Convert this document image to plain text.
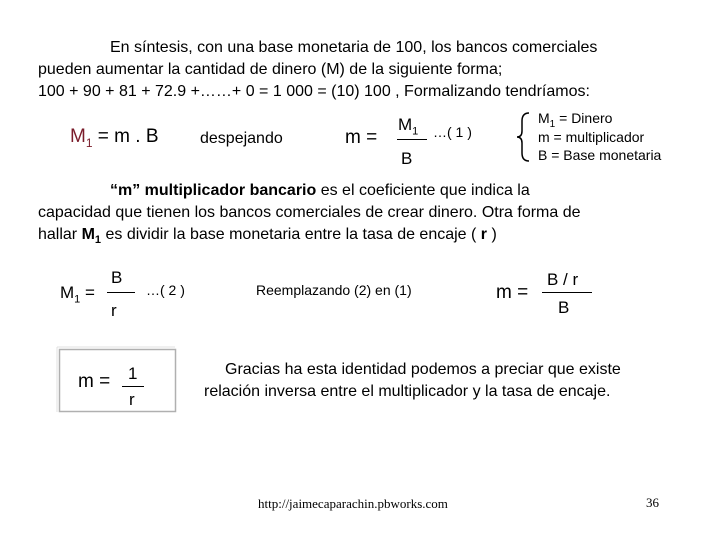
En síntesis, con una base monetaria de 100, los bancos comerciales
pueden aumentar la cantidad de dinero (M) de la siguiente forma;
100 + 90 + 81 + 72.9 +……+ 0 = 1 000 = (10) 100 , Formalizando tendríamos:
$M_1 = m$ . B	despejando	m =
$M_1$
B
…( 1 )
$M_1$ = Dinero
m = multiplicador
B = Base monetaria
“m” multiplicador bancario es el coeficiente que indica la
capacidad que tienen los bancos comerciales de crear dinero. Otra forma de
hallar $M_1$ es dividir la base monetaria entre la tasa de encaje ( r )
$M_1$ =
B
r
…( 2 )	Reemplazando (2) en (1)	m =
B / r
B
m = 1
r
Gracias ha esta identidad podemos a preciar que existe
relación inversa entre el multiplicador y la tasa de encaje.
http://jaimecaparachin.pbworks.com	36
